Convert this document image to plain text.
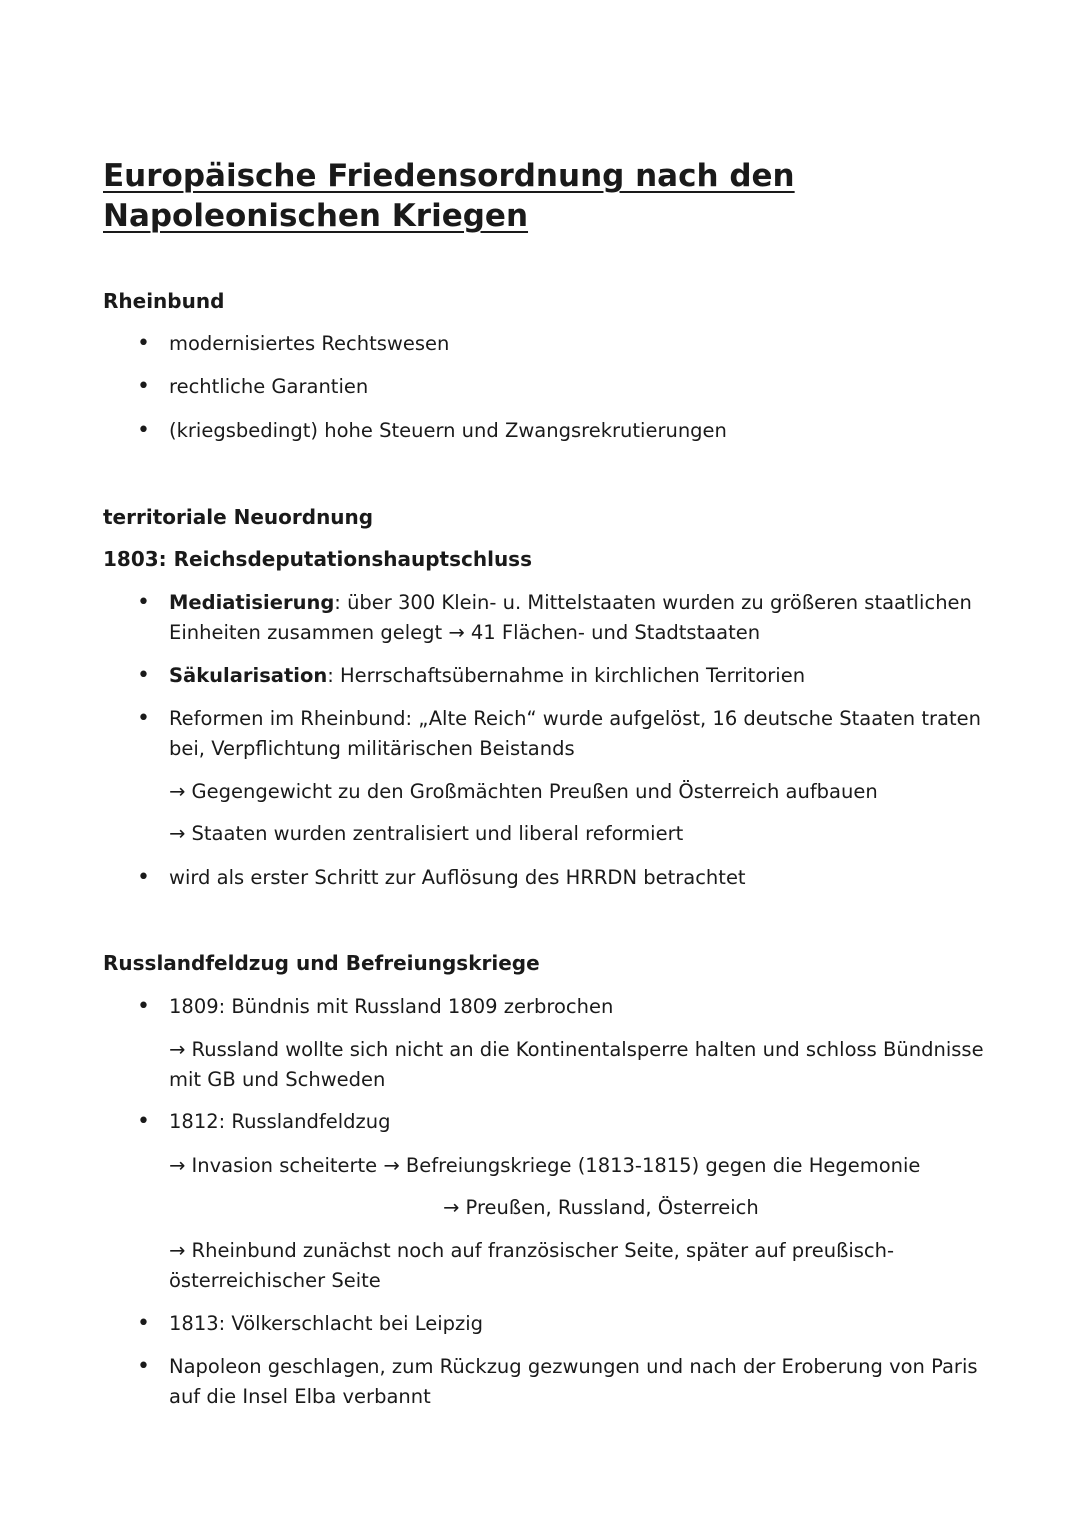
Europäische Friedensordnung nach den Napoleonischen Kriegen
Rheinbund

• modernisiertes Rechtswesen

• rechtliche Garantien

• (kriegsbedingt) hohe Steuern und Zwangsrekrutierungen

territoriale Neuordnung
1803: Reichsdeputationshauptschluss

• Mediatisierung: über 300 Klein- u. Mittelstaaten wurden zu größeren staatlichen Einheiten zusammen gelegt → 41 Flächen- und Stadtstaaten

• Säkularisation: Herrschaftsübernahme in kirchlichen Territorien

• Reformen im Rheinbund: „Alte Reich“ wurde aufgelöst, 16 deutsche Staaten traten bei, Verpflichtung militärischen Beistands

→ Gegengewicht zu den Großmächten Preußen und Österreich aufbauen

→ Staaten wurden zentralisiert und liberal reformiert

• wird als erster Schritt zur Auflösung des HRRDN betrachtet

Russlandfeldzug und Befreiungskriege

• 1809: Bündnis mit Russland 1809 zerbrochen

→ Russland wollte sich nicht an die Kontinentalsperre halten und schloss Bündnisse mit GB und Schweden

• 1812: Russlandfeldzug

→ Invasion scheiterte → Befreiungskriege (1813-1815) gegen die Hegemonie

→ Preußen, Russland, Österreich

→ Rheinbund zunächst noch auf französischer Seite, später auf preußisch-österreichischer Seite

• 1813: Völkerschlacht bei Leipzig

• Napoleon geschlagen, zum Rückzug gezwungen und nach der Eroberung von Paris auf die Insel Elba verbannt
